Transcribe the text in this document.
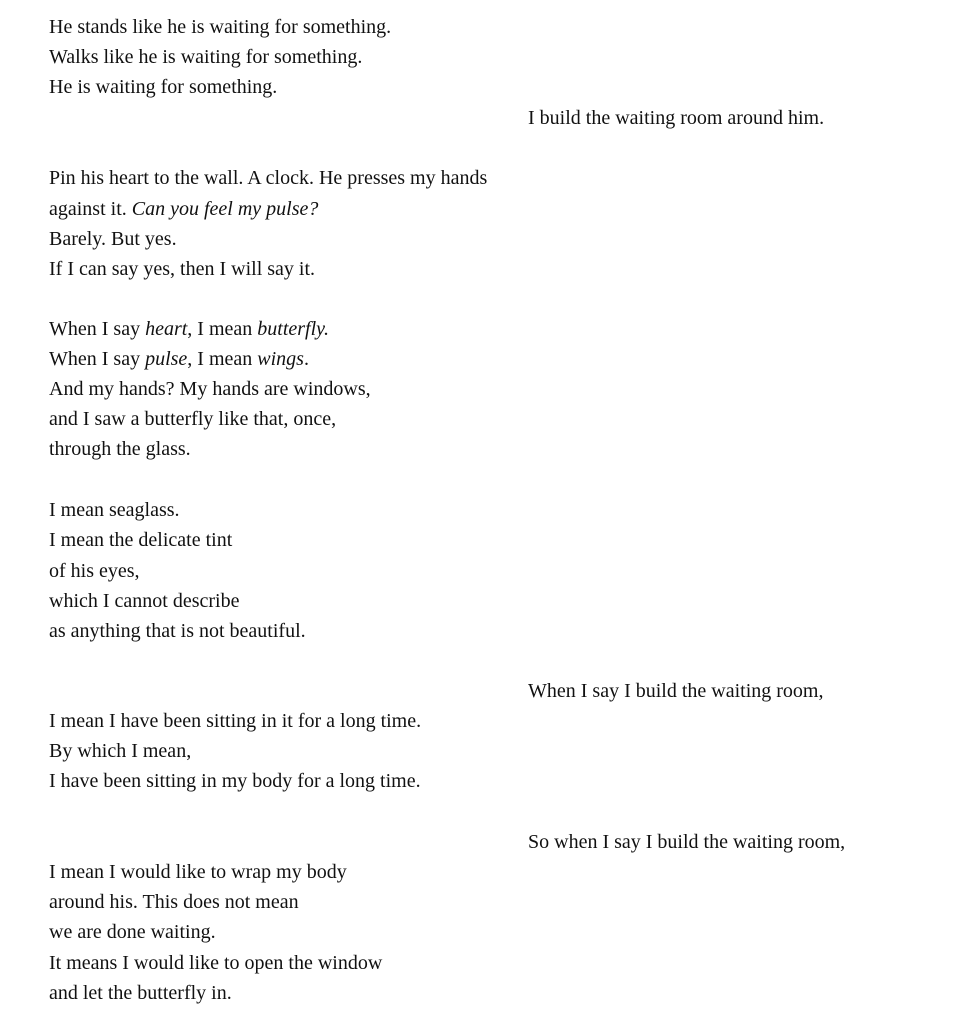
He stands like he is waiting for something.
Walks like he is waiting for something.
He is waiting for something.
I build the waiting room around him.
Pin his heart to the wall. A clock. He presses my hands
against it. Can you feel my pulse?
Barely. But yes.
If I can say yes, then I will say it.
When I say heart, I mean butterfly.
When I say pulse, I mean wings.
And my hands? My hands are windows,
and I saw a butterfly like that, once,
through the glass.
I mean seaglass.
I mean the delicate tint
of his eyes,
which I cannot describe
as anything that is not beautiful.
When I say I build the waiting room,
I mean I have been sitting in it for a long time.
By which I mean,
I have been sitting in my body for a long time.
So when I say I build the waiting room,
I mean I would like to wrap my body
around his. This does not mean
we are done waiting.
It means I would like to open the window
and let the butterfly in.
